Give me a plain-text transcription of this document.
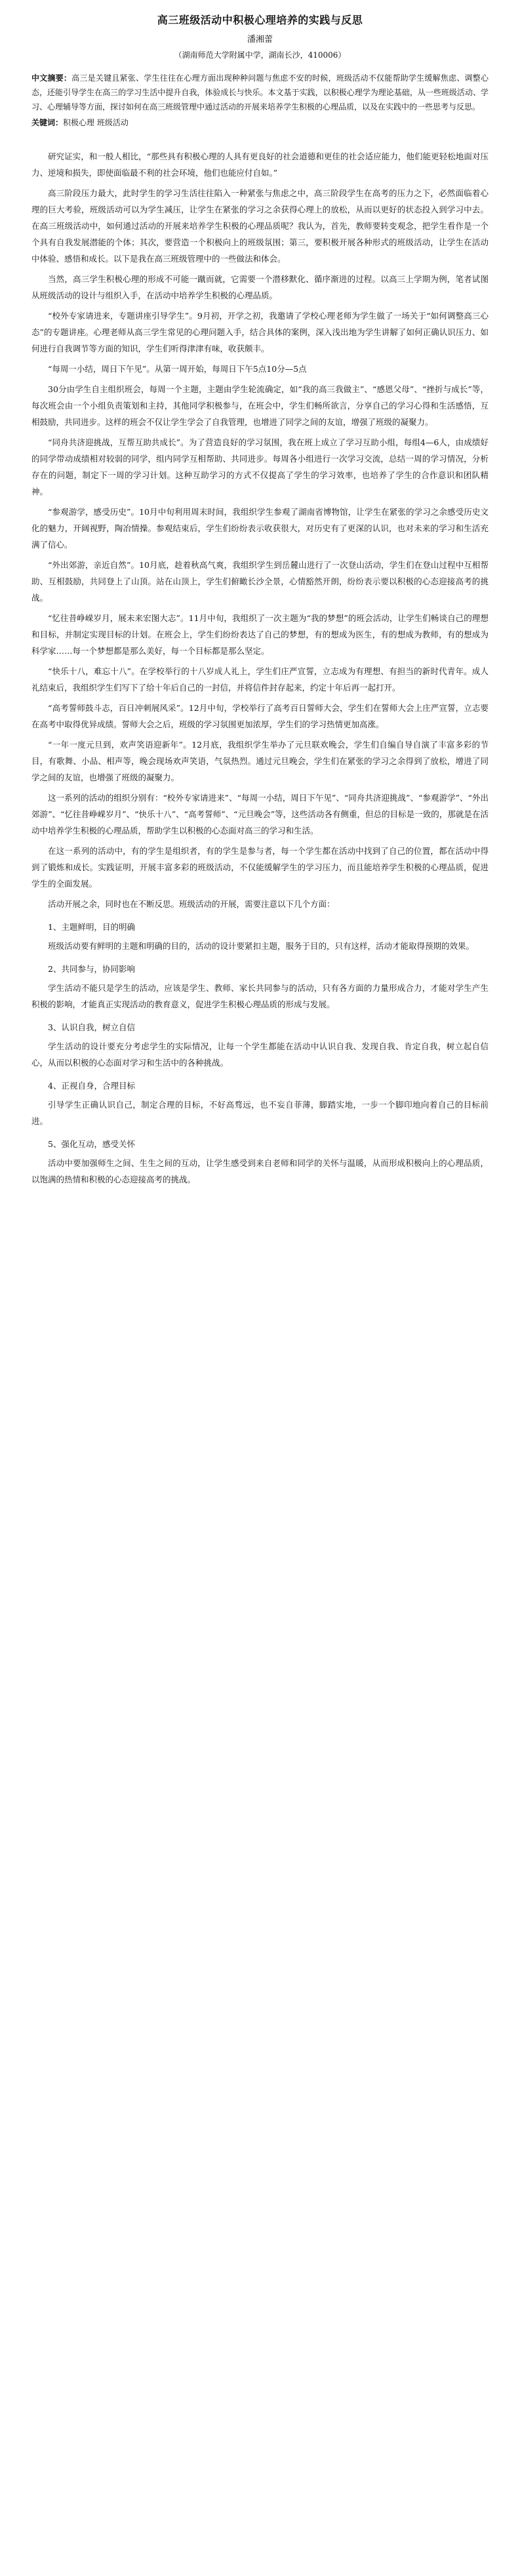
高三班级活动中积极心理培养的实践与反思
潘湘蕾
（湖南师范大学附属中学，湖南长沙，410006）
中文摘要：高三是关键且紧张、学生往往在心理方面出现种种问题与焦虑不安的时候，班级活动不仅能帮助学生缓解焦虑、调整心态，还能引导学生在高三的学习生活中提升自我，体验成长与快乐。本文基于实践，以积极心理学为理论基础，从一些班级活动、学习、心理辅导等方面，探讨如何在高三班级管理中通过活动的开展来培养学生积极的心理品质，以及在实践中的一些思考与反思。
关键词：积极心理 班级活动

研究证实，和一般人相比，“那些具有积极心理的人具有更良好的社会道德和更佳的社会适应能力，他们能更轻松地面对压力、逆境和损失，即使面临最不利的社会环境，他们也能应付自如。”

高三阶段压力最大，此时学生的学习生活往往陷入一种紧张与焦虑之中，高三阶段学生在高考的压力之下，必然面临着心理的巨大考验，班级活动可以为学生减压，让学生在紧张的学习之余获得心理上的放松，从而以更好的状态投入到学习中去。在高三班级活动中，如何通过活动的开展来培养学生积极的心理品质呢？我认为，首先，教师要转变观念，把学生看作是一个个具有自我发展潜能的个体；其次，要营造一个积极向上的班级氛围；第三，要积极开展各种形式的班级活动，让学生在活动中体验、感悟和成长。以下是我在高三班级管理中的一些做法和体会。

当然，高三学生积极心理的形成不可能一蹴而就，它需要一个潜移默化、循序渐进的过程。以高三上学期为例，笔者试图从班级活动的设计与组织入手，在活动中培养学生积极的心理品质。

“校外专家请进来，专题讲座引导学生”。9月初，开学之初，我邀请了学校心理老师为学生做了一场关于“如何调整高三心态”的专题讲座。心理老师从高三学生常见的心理问题入手，结合具体的案例，深入浅出地为学生讲解了如何正确认识压力、如何进行自我调节等方面的知识，学生们听得津津有味，收获颇丰。

“每周一小结，周日下午见”。从第一周开始，每周日下午5点10分—5点

30分由学生自主组织班会，每周一个主题，主题由学生轮流确定，如“我的高三我做主”、“感恩父母”、“挫折与成长”等，每次班会由一个小组负责策划和主持，其他同学积极参与，在班会中，学生们畅所欲言，分享自己的学习心得和生活感悟，互相鼓励，共同进步。这样的班会不仅让学生学会了自我管理，也增进了同学之间的友谊，增强了班级的凝聚力。

“同舟共济迎挑战，互帮互助共成长”。为了营造良好的学习氛围，我在班上成立了学习互助小组，每组4—6人，由成绩好的同学带动成绩相对较弱的同学，组内同学互相帮助、共同进步。每周各小组进行一次学习交流，总结一周的学习情况，分析存在的问题，制定下一周的学习计划。这种互助学习的方式不仅提高了学生的学习效率，也培养了学生的合作意识和团队精神。

“参观游学，感受历史”。10月中旬利用周末时间，我组织学生参观了湖南省博物馆，让学生在紧张的学习之余感受历史文化的魅力，开阔视野，陶冶情操。参观结束后，学生们纷纷表示收获很大，对历史有了更深的认识，也对未来的学习和生活充满了信心。

“外出郊游，亲近自然”。10月底，趁着秋高气爽，我组织学生到岳麓山进行了一次登山活动，学生们在登山过程中互相帮助、互相鼓励，共同登上了山顶。站在山顶上，学生们俯瞰长沙全景，心情豁然开朗，纷纷表示要以积极的心态迎接高考的挑战。

“忆往昔峥嵘岁月，展未来宏图大志”。11月中旬，我组织了一次主题为“我的梦想”的班会活动，让学生们畅谈自己的理想和目标，并制定实现目标的计划。在班会上，学生们纷纷表达了自己的梦想，有的想成为医生，有的想成为教师，有的想成为科学家……每一个梦想都是那么美好，每一个目标都是那么坚定。

“快乐十八，难忘十八”。在学校举行的十八岁成人礼上，学生们庄严宣誓，立志成为有理想、有担当的新时代青年。成人礼结束后，我组织学生们写下了给十年后自己的一封信，并将信件封存起来，约定十年后再一起打开。

“高考誓师鼓斗志，百日冲刺展风采”。12月中旬，学校举行了高考百日誓师大会，学生们在誓师大会上庄严宣誓，立志要在高考中取得优异成绩。誓师大会之后，班级的学习氛围更加浓厚，学生们的学习热情更加高涨。

“一年一度元旦到，欢声笑语迎新年”。12月底，我组织学生举办了元旦联欢晚会，学生们自编自导自演了丰富多彩的节目，有歌舞、小品、相声等，晚会现场欢声笑语，气氛热烈。通过元旦晚会，学生们在紧张的学习之余得到了放松，增进了同学之间的友谊，也增强了班级的凝聚力。

这一系列的活动的组织分别有：“校外专家请进来”、“每周一小结，周日下午见”、“同舟共济迎挑战”、“参观游学”、“外出郊游”、“忆往昔峥嵘岁月”、“快乐十八”、“高考誓师”、“元旦晚会”等，这些活动各有侧重，但总的目标是一致的，那就是在活动中培养学生积极的心理品质，帮助学生以积极的心态面对高三的学习和生活。

在这一系列的活动中，有的学生是组织者，有的学生是参与者，每一个学生都在活动中找到了自己的位置，都在活动中得到了锻炼和成长。实践证明，开展丰富多彩的班级活动，不仅能缓解学生的学习压力，而且能培养学生积极的心理品质，促进学生的全面发展。

活动开展之余，同时也在不断反思。班级活动的开展，需要注意以下几个方面：

1、主题鲜明，目的明确

班级活动要有鲜明的主题和明确的目的，活动的设计要紧扣主题，服务于目的，只有这样，活动才能取得预期的效果。

2、共同参与，协同影响

学生活动不能只是学生的活动，应该是学生、教师、家长共同参与的活动，只有各方面的力量形成合力，才能对学生产生积极的影响，才能真正实现活动的教育意义，促进学生积极心理品质的形成与发展。

3、认识自我，树立自信

学生活动的设计要充分考虑学生的实际情况，让每一个学生都能在活动中认识自我、发现自我、肯定自我，树立起自信心，从而以积极的心态面对学习和生活中的各种挑战。

4、正视自身，合理目标

引导学生正确认识自己，制定合理的目标，不好高骛远，也不妄自菲薄，脚踏实地，一步一个脚印地向着自己的目标前进。

5、强化互动，感受关怀

活动中要加强师生之间、生生之间的互动，让学生感受到来自老师和同学的关怀与温暖，从而形成积极向上的心理品质，以饱满的热情和积极的心态迎接高考的挑战。
